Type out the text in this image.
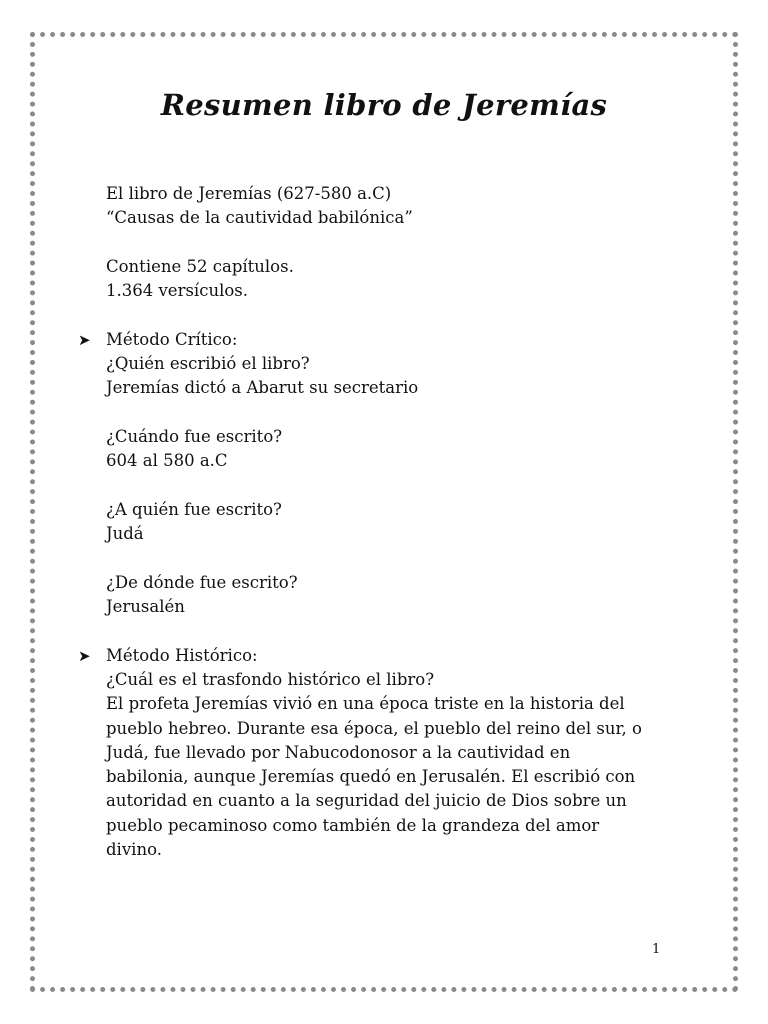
Resumen libro de Jeremías
El libro de Jeremías (627-580 a.C)
“Causas de la cautividad babilónica”
Contiene 52 capítulos.
1.364 versículos.
➤ Método Crítico:
¿Quién escribió el libro?
Jeremías dictó a Abarut su secretario
¿Cuándo fue escrito?
604 al 580 a.C
¿A quién fue escrito?
Judá
¿De dónde fue escrito?
Jerusalén
➤ Método Histórico:
¿Cuál es el trasfondo histórico el libro?
El profeta Jeremías vivió en una época triste en la historia del
pueblo hebreo. Durante esa época, el pueblo del reino del sur, o
Judá, fue llevado por Nabucodonosor a la cautividad en
babilonia, aunque Jeremías quedó en Jerusalén. El escribió con
autoridad en cuanto a la seguridad del juicio de Dios sobre un
pueblo pecaminoso como también de la grandeza del amor
divino.
1
